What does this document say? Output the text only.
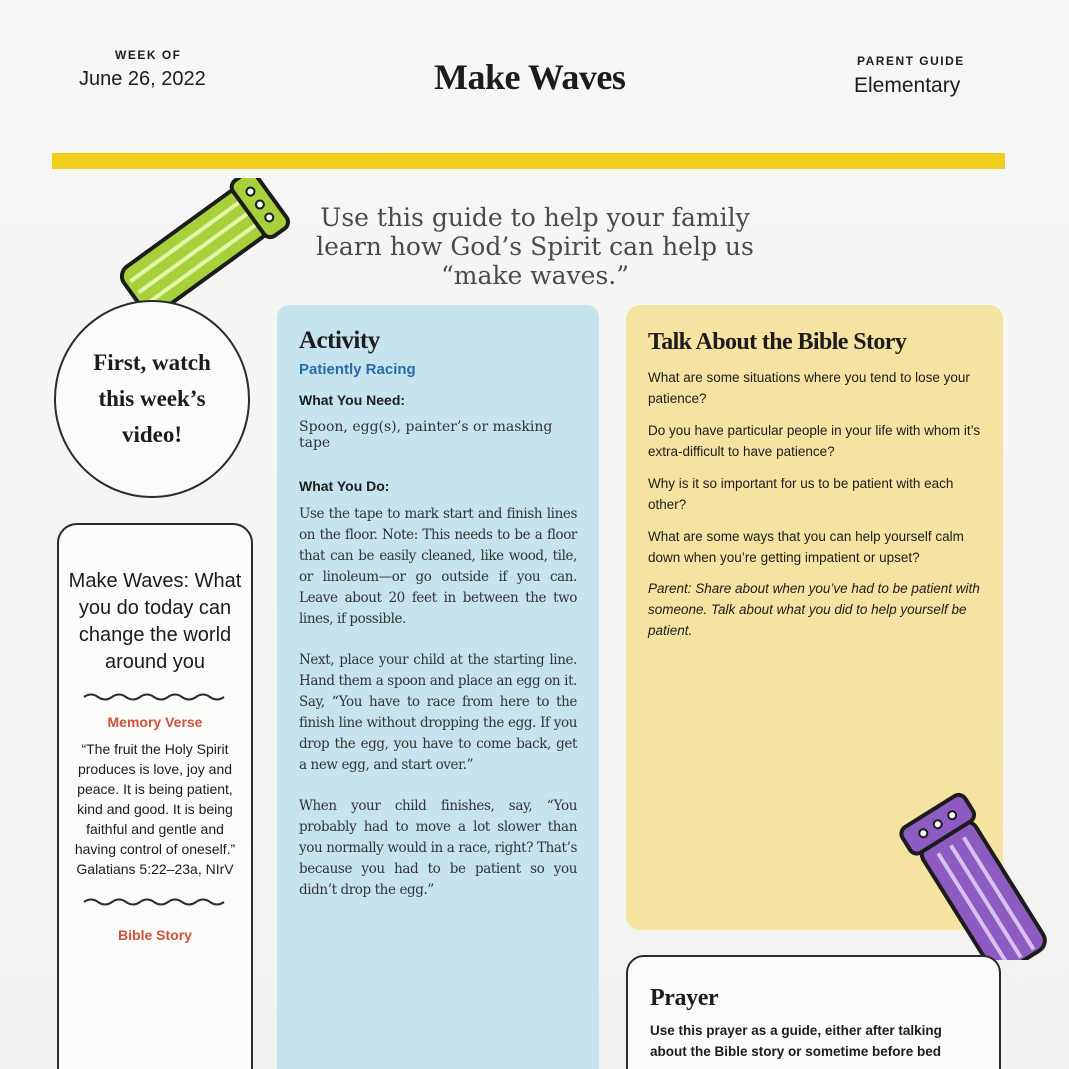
WEEK OF
June 26, 2022	Make Waves	PARENT GUIDE
Elementary
Use this guide to help your family learn how God’s Spirit can help us “make waves.”
First, watch this week’s video!
Make Waves: What you do today can change the world around you
Memory Verse
“The fruit the Holy Spirit produces is love, joy and peace. It is being patient, kind and good. It is being faithful and gentle and having control of oneself.” Galatians 5:22–23a, NIrV
Bible Story
Activity
Patiently Racing
What You Need:
Spoon, egg(s), painter’s or masking tape
What You Do:
Use the tape to mark start and finish lines on the floor. Note: This needs to be a floor that can be easily cleaned, like wood, tile, or linoleum—or go outside if you can. Leave about 20 feet in between the two lines, if possible.
Next, place your child at the starting line. Hand them a spoon and place an egg on it. Say, “You have to race from here to the finish line without dropping the egg. If you drop the egg, you have to come back, get a new egg, and start over.”
When your child finishes, say, “You probably had to move a lot slower than you normally would in a race, right? That’s because you had to be patient so you didn’t drop the egg.”
Talk About the Bible Story
What are some situations where you tend to lose your patience?
Do you have particular people in your life with whom it’s extra-difficult to have patience?
Why is it so important for us to be patient with each other?
What are some ways that you can help yourself calm down when you’re getting impatient or upset?
Parent: Share about when you’ve had to be patient with someone. Talk about what you did to help yourself be patient.
Prayer
Use this prayer as a guide, either after talking about the Bible story or sometime before bed
